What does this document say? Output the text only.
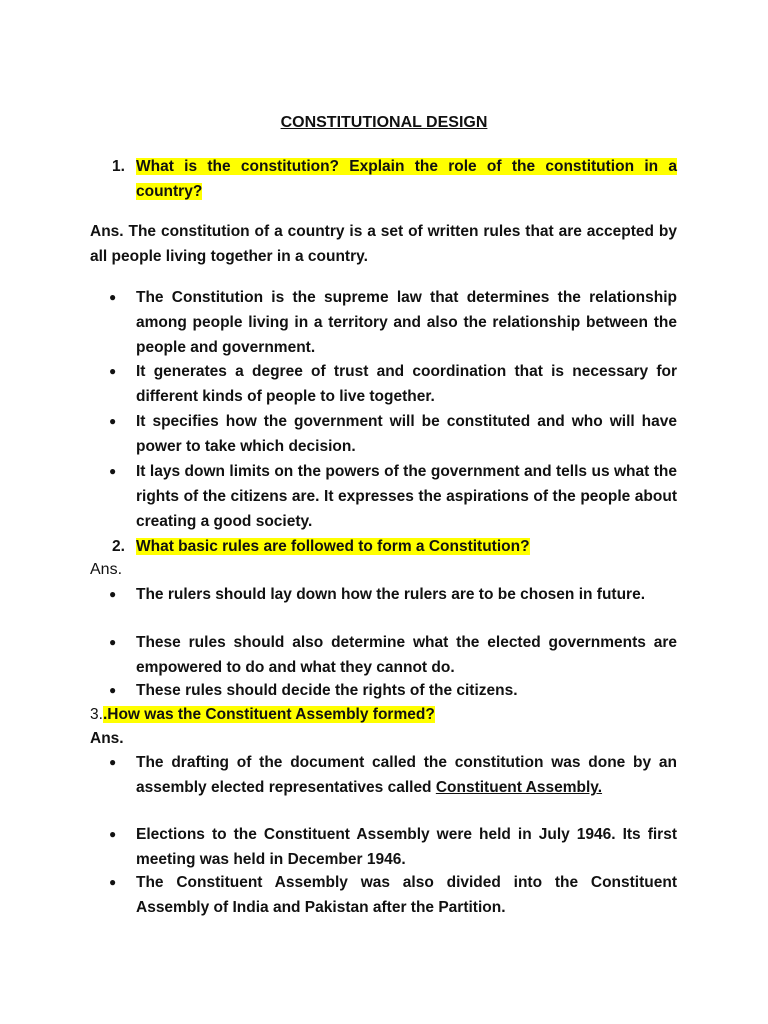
CONSTITUTIONAL DESIGN
1. What is the constitution? Explain the role of the constitution in a country?
Ans. The constitution of a country is a set of written rules that are accepted by all people living together in a country.
● The Constitution is the supreme law that determines the relationship among people living in a territory and also the relationship between the people and government.
● It generates a degree of trust and coordination that is necessary for different kinds of people to live together.
● It specifies how the government will be constituted and who will have power to take which decision.
● It lays down limits on the powers of the government and tells us what the rights of the citizens are. It expresses the aspirations of the people about creating a good society.
2. What basic rules are followed to form a Constitution?
Ans.
● The rulers should lay down how the rulers are to be chosen in future.
● These rules should also determine what the elected governments are empowered to do and what they cannot do.
● These rules should decide the rights of the citizens.
3..How was the Constituent Assembly formed?
Ans.
● The drafting of the document called the constitution was done by an assembly elected representatives called Constituent Assembly.
● Elections to the Constituent Assembly were held in July 1946. Its first meeting was held in December 1946.
● The Constituent Assembly was also divided into the Constituent Assembly of India and Pakistan after the Partition.
